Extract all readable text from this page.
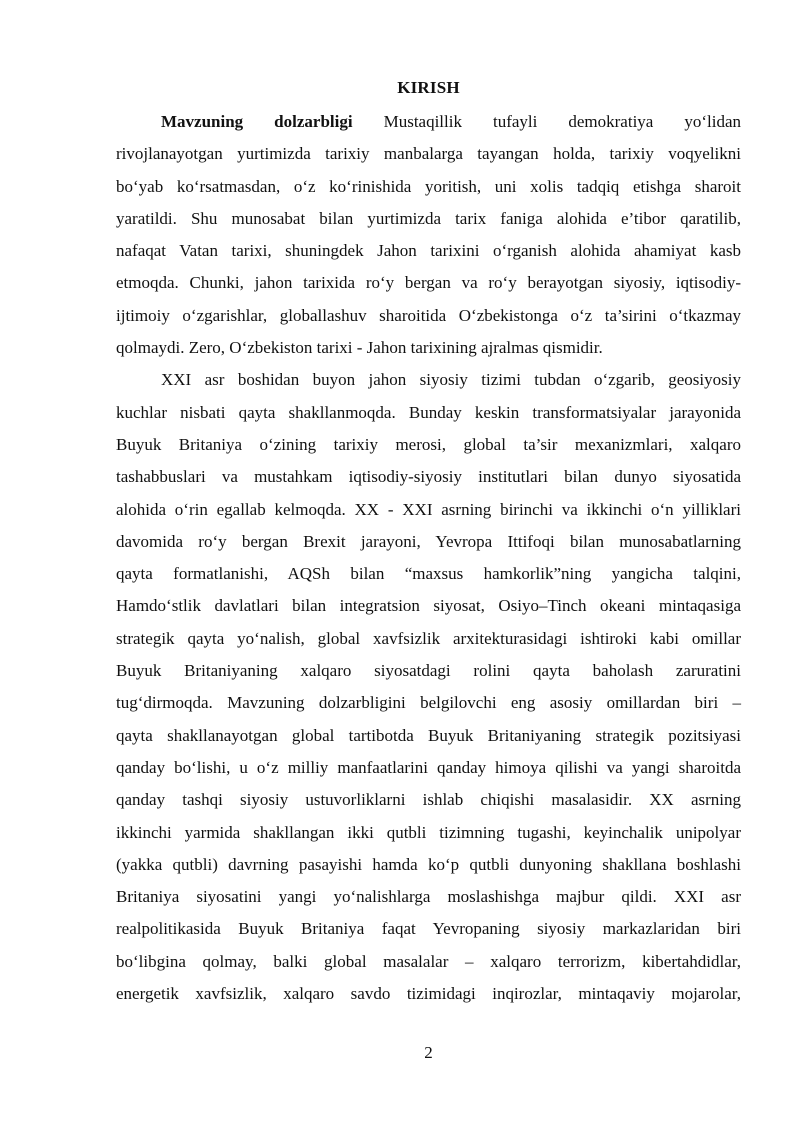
KIRISH
Mavzuning dolzarbligi Mustaqillik tufayli demokratiya yo‘lidan
rivojlanayotgan yurtimizda tarixiy manbalarga tayangan holda, tarixiy voqyelikni
bo‘yab ko‘rsatmasdan, o‘z ko‘rinishida yoritish, uni xolis tadqiq etishga sharoit
yaratildi. Shu munosabat bilan yurtimizda tarix faniga alohida e’tibor qaratilib,
nafaqat Vatan tarixi, shuningdek Jahon tarixini o‘rganish alohida ahamiyat kasb
etmoqda. Chunki, jahon tarixida ro‘y bergan va ro‘y berayotgan siyosiy, iqtisodiy-
ijtimoiy o‘zgarishlar, globallashuv sharoitida O‘zbekistonga o‘z ta’sirini o‘tkazmay
qolmaydi. Zero, O‘zbekiston tarixi - Jahon tarixining ajralmas qismidir.
XXI asr boshidan buyon jahon siyosiy tizimi tubdan o‘zgarib, geosiyosiy
kuchlar nisbati qayta shakllanmoqda. Bunday keskin transformatsiyalar jarayonida
Buyuk Britaniya o‘zining tarixiy merosi, global ta’sir mexanizmlari, xalqaro
tashabbuslari va mustahkam iqtisodiy-siyosiy institutlari bilan dunyo siyosatida
alohida o‘rin egallab kelmoqda. XX - XXI asrning birinchi va ikkinchi o‘n yilliklari
davomida ro‘y bergan Brexit jarayoni, Yevropa Ittifoqi bilan munosabatlarning
qayta formatlanishi, AQSh bilan “maxsus hamkorlik”ning yangicha talqini,
Hamdo‘stlik davlatlari bilan integratsion siyosat, Osiyo–Tinch okeani mintaqasiga
strategik qayta yo‘nalish, global xavfsizlik arxitekturasidagi ishtiroki kabi omillar
Buyuk Britaniyaning xalqaro siyosatdagi rolini qayta baholash zaruratini
tug‘dirmoqda. Mavzuning dolzarbligini belgilovchi eng asosiy omillardan biri –
qayta shakllanayotgan global tartibotda Buyuk Britaniyaning strategik pozitsiyasi
qanday bo‘lishi, u o‘z milliy manfaatlarini qanday himoya qilishi va yangi sharoitda
qanday tashqi siyosiy ustuvorliklarni ishlab chiqishi masalasidir. XX asrning
ikkinchi yarmida shakllangan ikki qutbli tizimning tugashi, keyinchalik unipolyar
(yakka qutbli) davrning pasayishi hamda ko‘p qutbli dunyoning shakllana boshlashi
Britaniya siyosatini yangi yo‘nalishlarga moslashishga majbur qildi. XXI asr
realpolitikasida Buyuk Britaniya faqat Yevropaning siyosiy markazlaridan biri
bo‘libgina qolmay, balki global masalalar – xalqaro terrorizm, kibertahdidlar,
energetik xavfsizlik, xalqaro savdo tizimidagi inqirozlar, mintaqaviy mojarolar,
2
